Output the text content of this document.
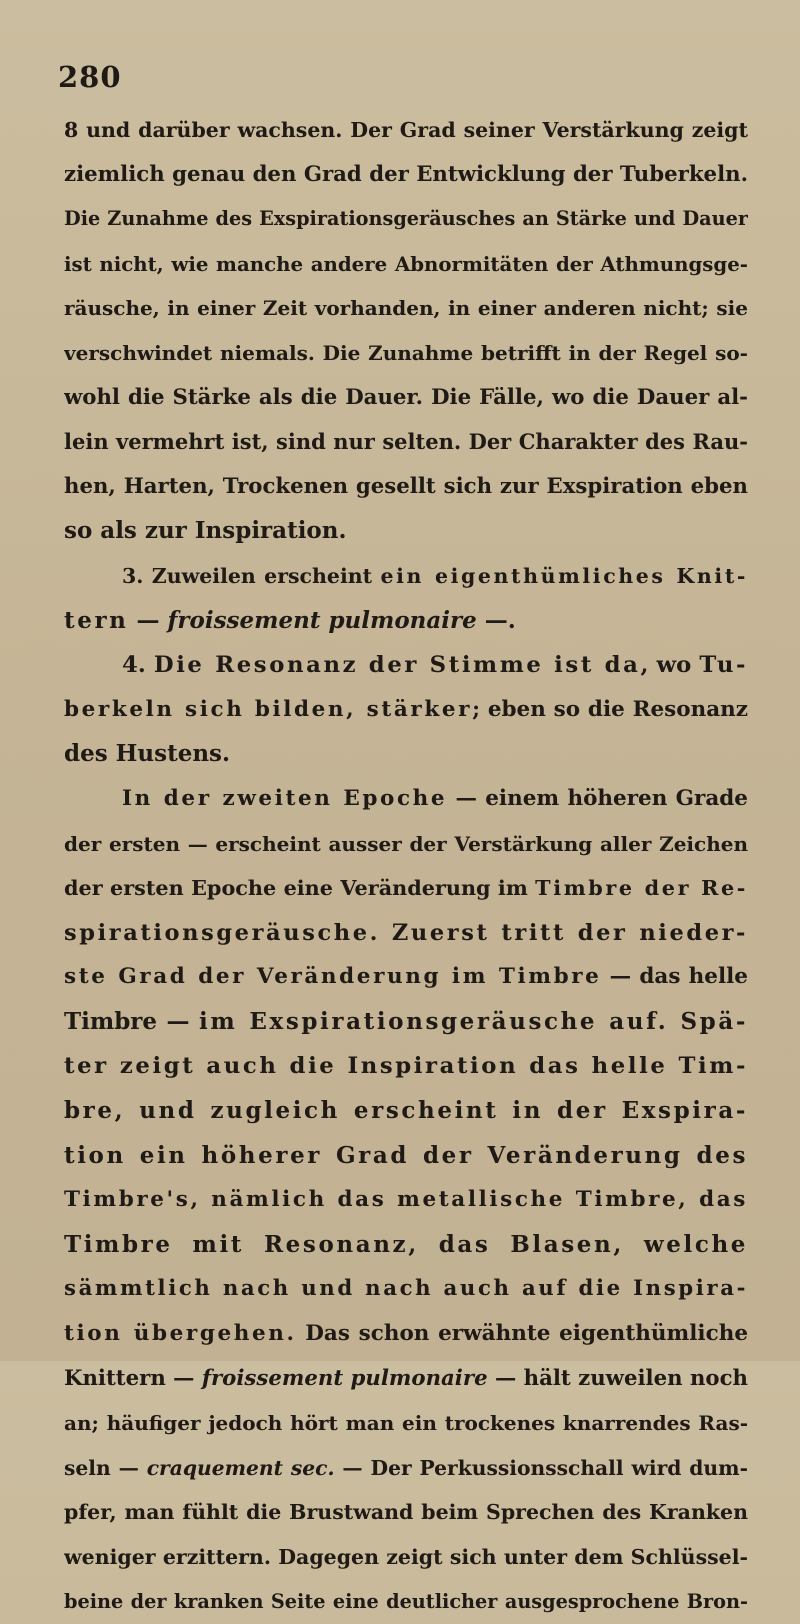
280
8 und darüber wachsen. Der Grad seiner Verstärkung zeigt
ziemlich genau den Grad der Entwicklung der Tuberkeln.
Die Zunahme des Exspirationsgeräusches an Stärke und Dauer
ist nicht, wie manche andere Abnormitäten der Athmungsge-
räusche, in einer Zeit vorhanden, in einer anderen nicht; sie
verschwindet niemals. Die Zunahme betrifft in der Regel so-
wohl die Stärke als die Dauer. Die Fälle, wo die Dauer al-
lein vermehrt ist, sind nur selten. Der Charakter des Rau-
hen, Harten, Trockenen gesellt sich zur Exspiration eben
so als zur Inspiration.
3. Zuweilen erscheint ein eigenthümliches Knit-
tern — froissement pulmonaire —.
4. Die Resonanz der Stimme ist da, wo Tu-
berkeln sich bilden, stärker; eben so die Resonanz
des Hustens.
In der zweiten Epoche — einem höheren Grade
der ersten — erscheint ausser der Verstärkung aller Zeichen
der ersten Epoche eine Veränderung im Timbre der Re-
spirationsgeräusche. Zuerst tritt der nieder-
ste Grad der Veränderung im Timbre — das helle
Timbre — im Exspirationsgeräusche auf. Spä-
ter zeigt auch die Inspiration das helle Tim-
bre, und zugleich erscheint in der Exspira-
tion ein höherer Grad der Veränderung des
Timbre's, nämlich das metallische Timbre, das
Timbre mit Resonanz, das Blasen, welche
sämmtlich nach und nach auch auf die Inspira-
tion übergehen. Das schon erwähnte eigenthümliche
Knittern — froissement pulmonaire — hält zuweilen noch
an; häufiger jedoch hört man ein trockenes knarrendes Ras-
seln — craquement sec. — Der Perkussionsschall wird dum-
pfer, man fühlt die Brustwand beim Sprechen des Kranken
weniger erzittern. Dagegen zeigt sich unter dem Schlüssel-
beine der kranken Seite eine deutlicher ausgesprochene Bron-
